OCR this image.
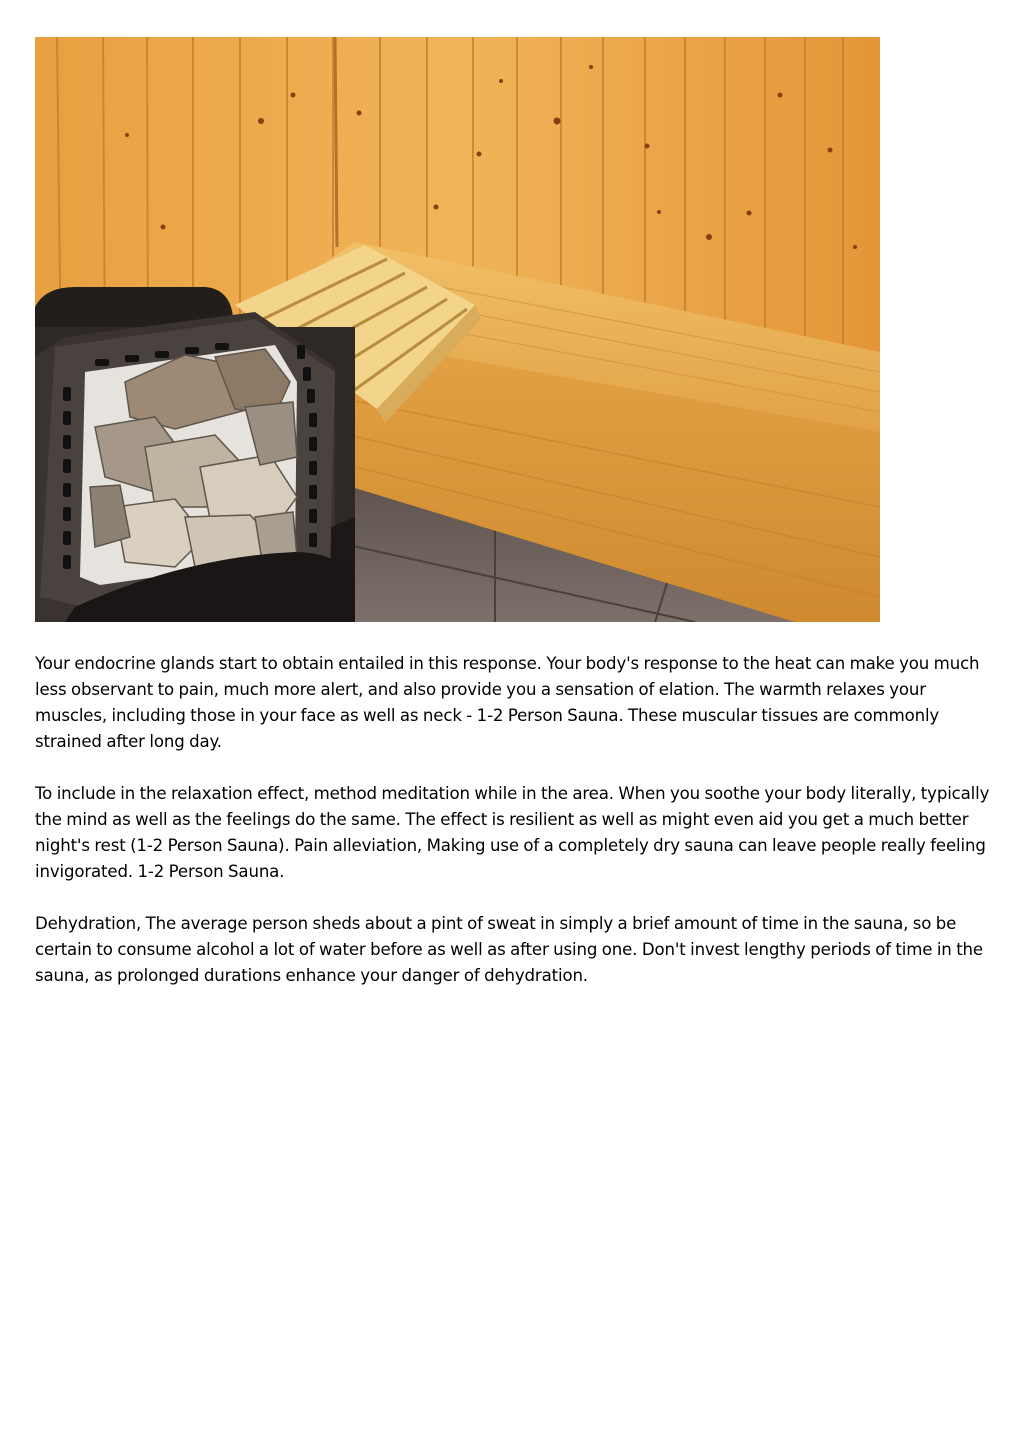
Your endocrine glands start to obtain entailed in this response. Your body's response to the heat can make you much less observant to pain, much more alert, and also provide you a sensation of elation. The warmth relaxes your muscles, including those in your face as well as neck - 1-2 Person Sauna. These muscular tissues are commonly strained after long day.

To include in the relaxation effect, method meditation while in the area. When you soothe your body literally, typically the mind as well as the feelings do the same. The effect is resilient as well as might even aid you get a much better night's rest (1-2 Person Sauna). Pain alleviation, Making use of a completely dry sauna can leave people really feeling invigorated. 1-2 Person Sauna.

Dehydration, The average person sheds about a pint of sweat in simply a brief amount of time in the sauna, so be certain to consume alcohol a lot of water before as well as after using one. Don't invest lengthy periods of time in the sauna, as prolonged durations enhance your danger of dehydration.
